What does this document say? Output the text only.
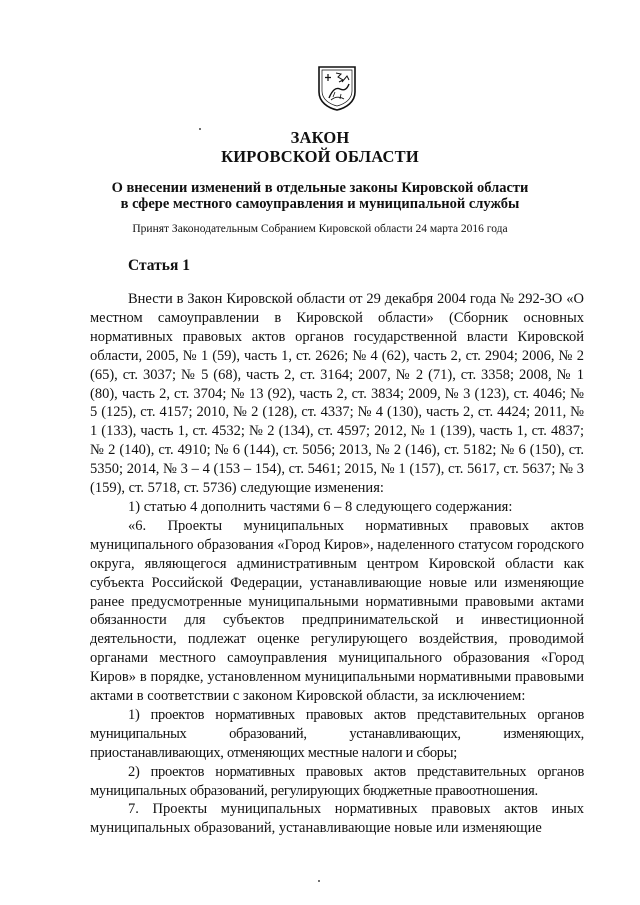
ЗАКОН
КИРОВСКОЙ ОБЛАСТИ
О внесении изменений в отдельные законы Кировской области
в сфере местного самоуправления и муниципальной службы
Принят Законодательным Собранием Кировской области 24 марта 2016 года
Статья 1

Внести в Закон Кировской области от 29 декабря 2004 года № 292-ЗО «О местном самоуправлении в Кировской области» (Сборник основных нормативных правовых актов органов государственной власти Кировской области, 2005, № 1 (59), часть 1, ст. 2626; № 4 (62), часть 2, ст. 2904; 2006, № 2 (65), ст. 3037; № 5 (68), часть 2, ст. 3164; 2007, № 2 (71), ст. 3358; 2008, № 1 (80), часть 2, ст. 3704; № 13 (92), часть 2, ст. 3834; 2009, № 3 (123), ст. 4046; № 5 (125), ст. 4157; 2010, № 2 (128), ст. 4337; № 4 (130), часть 2, ст. 4424; 2011, № 1 (133), часть 1, ст. 4532; № 2 (134), ст. 4597; 2012, № 1 (139), часть 1, ст. 4837; № 2 (140), ст. 4910; № 6 (144), ст. 5056; 2013, № 2 (146), ст. 5182; № 6 (150), ст. 5350; 2014, № 3 – 4 (153 – 154), ст. 5461; 2015, № 1 (157), ст. 5617, ст. 5637; № 3 (159), ст. 5718, ст. 5736) следующие изменения:

1) статью 4 дополнить частями 6 – 8 следующего содержания:

«6. Проекты муниципальных нормативных правовых актов муниципального образования «Город Киров», наделенного статусом городского округа, являющегося административным центром Кировской области как субъекта Российской Федерации, устанавливающие новые или изменяющие ранее предусмотренные муниципальными нормативными правовыми актами обязанности для субъектов предпринимательской и инвестиционной деятельности, подлежат оценке регулирующего воздействия, проводимой органами местного самоуправления муниципального образования «Город Киров» в порядке, установленном муниципальными нормативными правовыми актами в соответствии с законом Кировской области, за исключением:

1) проектов нормативных правовых актов представительных органов муниципальных образований, устанавливающих, изменяющих, приостанавливающих, отменяющих местные налоги и сборы;

2) проектов нормативных правовых актов представительных органов муниципальных образований, регулирующих бюджетные правоотношения.

7. Проекты муниципальных нормативных правовых актов иных муниципальных образований, устанавливающие новые или изменяющие
